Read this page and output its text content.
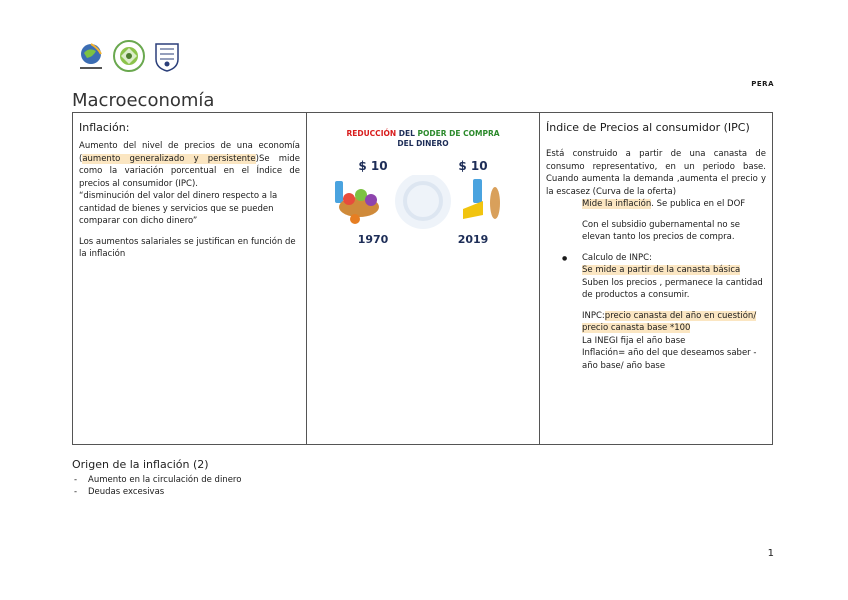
PERA
Macroeconomía
Inflación:

Aumento del nivel de precios de una economía (aumento generalizado y persistente)Se mide como la variación porcentual en el Índice de precios al consumidor (IPC).

“disminución del valor del dinero respecto a la cantidad de bienes y servicios que se pueden comparar con dicho dinero”

Los aumentos salariales se justifican en función de la inflación

REDUCCIÓN DEL PODER DE COMPRA
DEL DINERO
$ 10	$ 10
1970	2019
Índice de Precios al consumidor (IPC)

Está construido a partir de una canasta de consumo representativo, en un periodo base. Cuando aumenta la demanda ,aumenta el precio y la escasez (Curva de la oferta)

Mide la inflación. Se publica en el DOF

Con el subsidio gubernamental no se elevan tanto los precios de compra.

● Calculo de INPC:
Se mide a partir de la canasta básica
Suben los precios , permanece la cantidad de productos a consumir.

INPC:precio canasta del año en cuestión/ precio canasta base *100
La INEGI fija el año base
Inflación= año del que deseamos saber - año base/ año base

Origen de la inflación (2)
- Aumento en la circulación de dinero
- Deudas excesivas
1
